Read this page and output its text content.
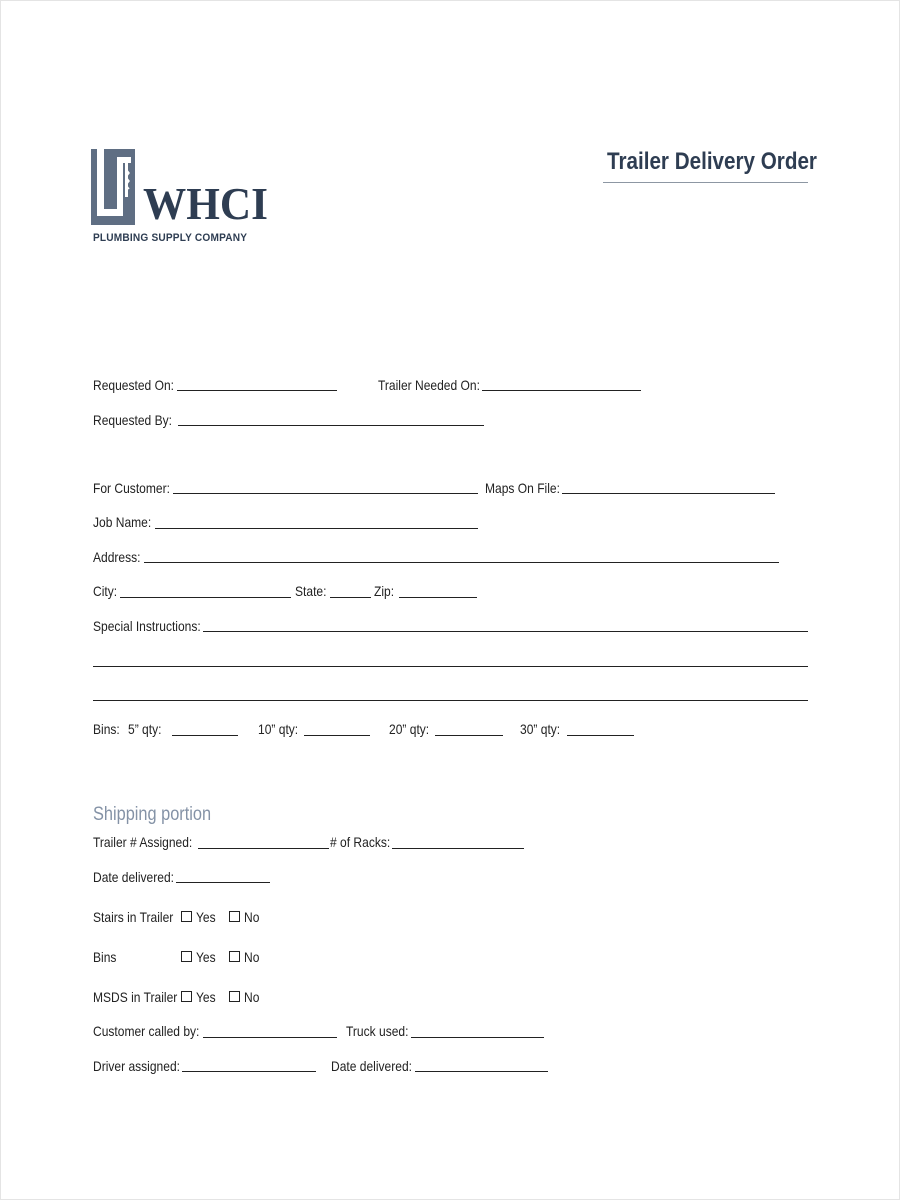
WHCI
PLUMBING SUPPLY COMPANY
Trailer Delivery Order
Requested On:	Trailer Needed On:
Requested By:
For Customer:	Maps On File:
Job Name:
Address:
City:	State:	Zip:
Special Instructions:
Bins: 5” qty:	10” qty:	20” qty:	30” qty:
Shipping portion
Trailer # Assigned:	# of Racks:
Date delivered:
Stairs in Trailer Yes No
Bins	Yes No
MSDS in Trailer Yes No
Customer called by:	Truck used:
Driver assigned:	Date delivered:
